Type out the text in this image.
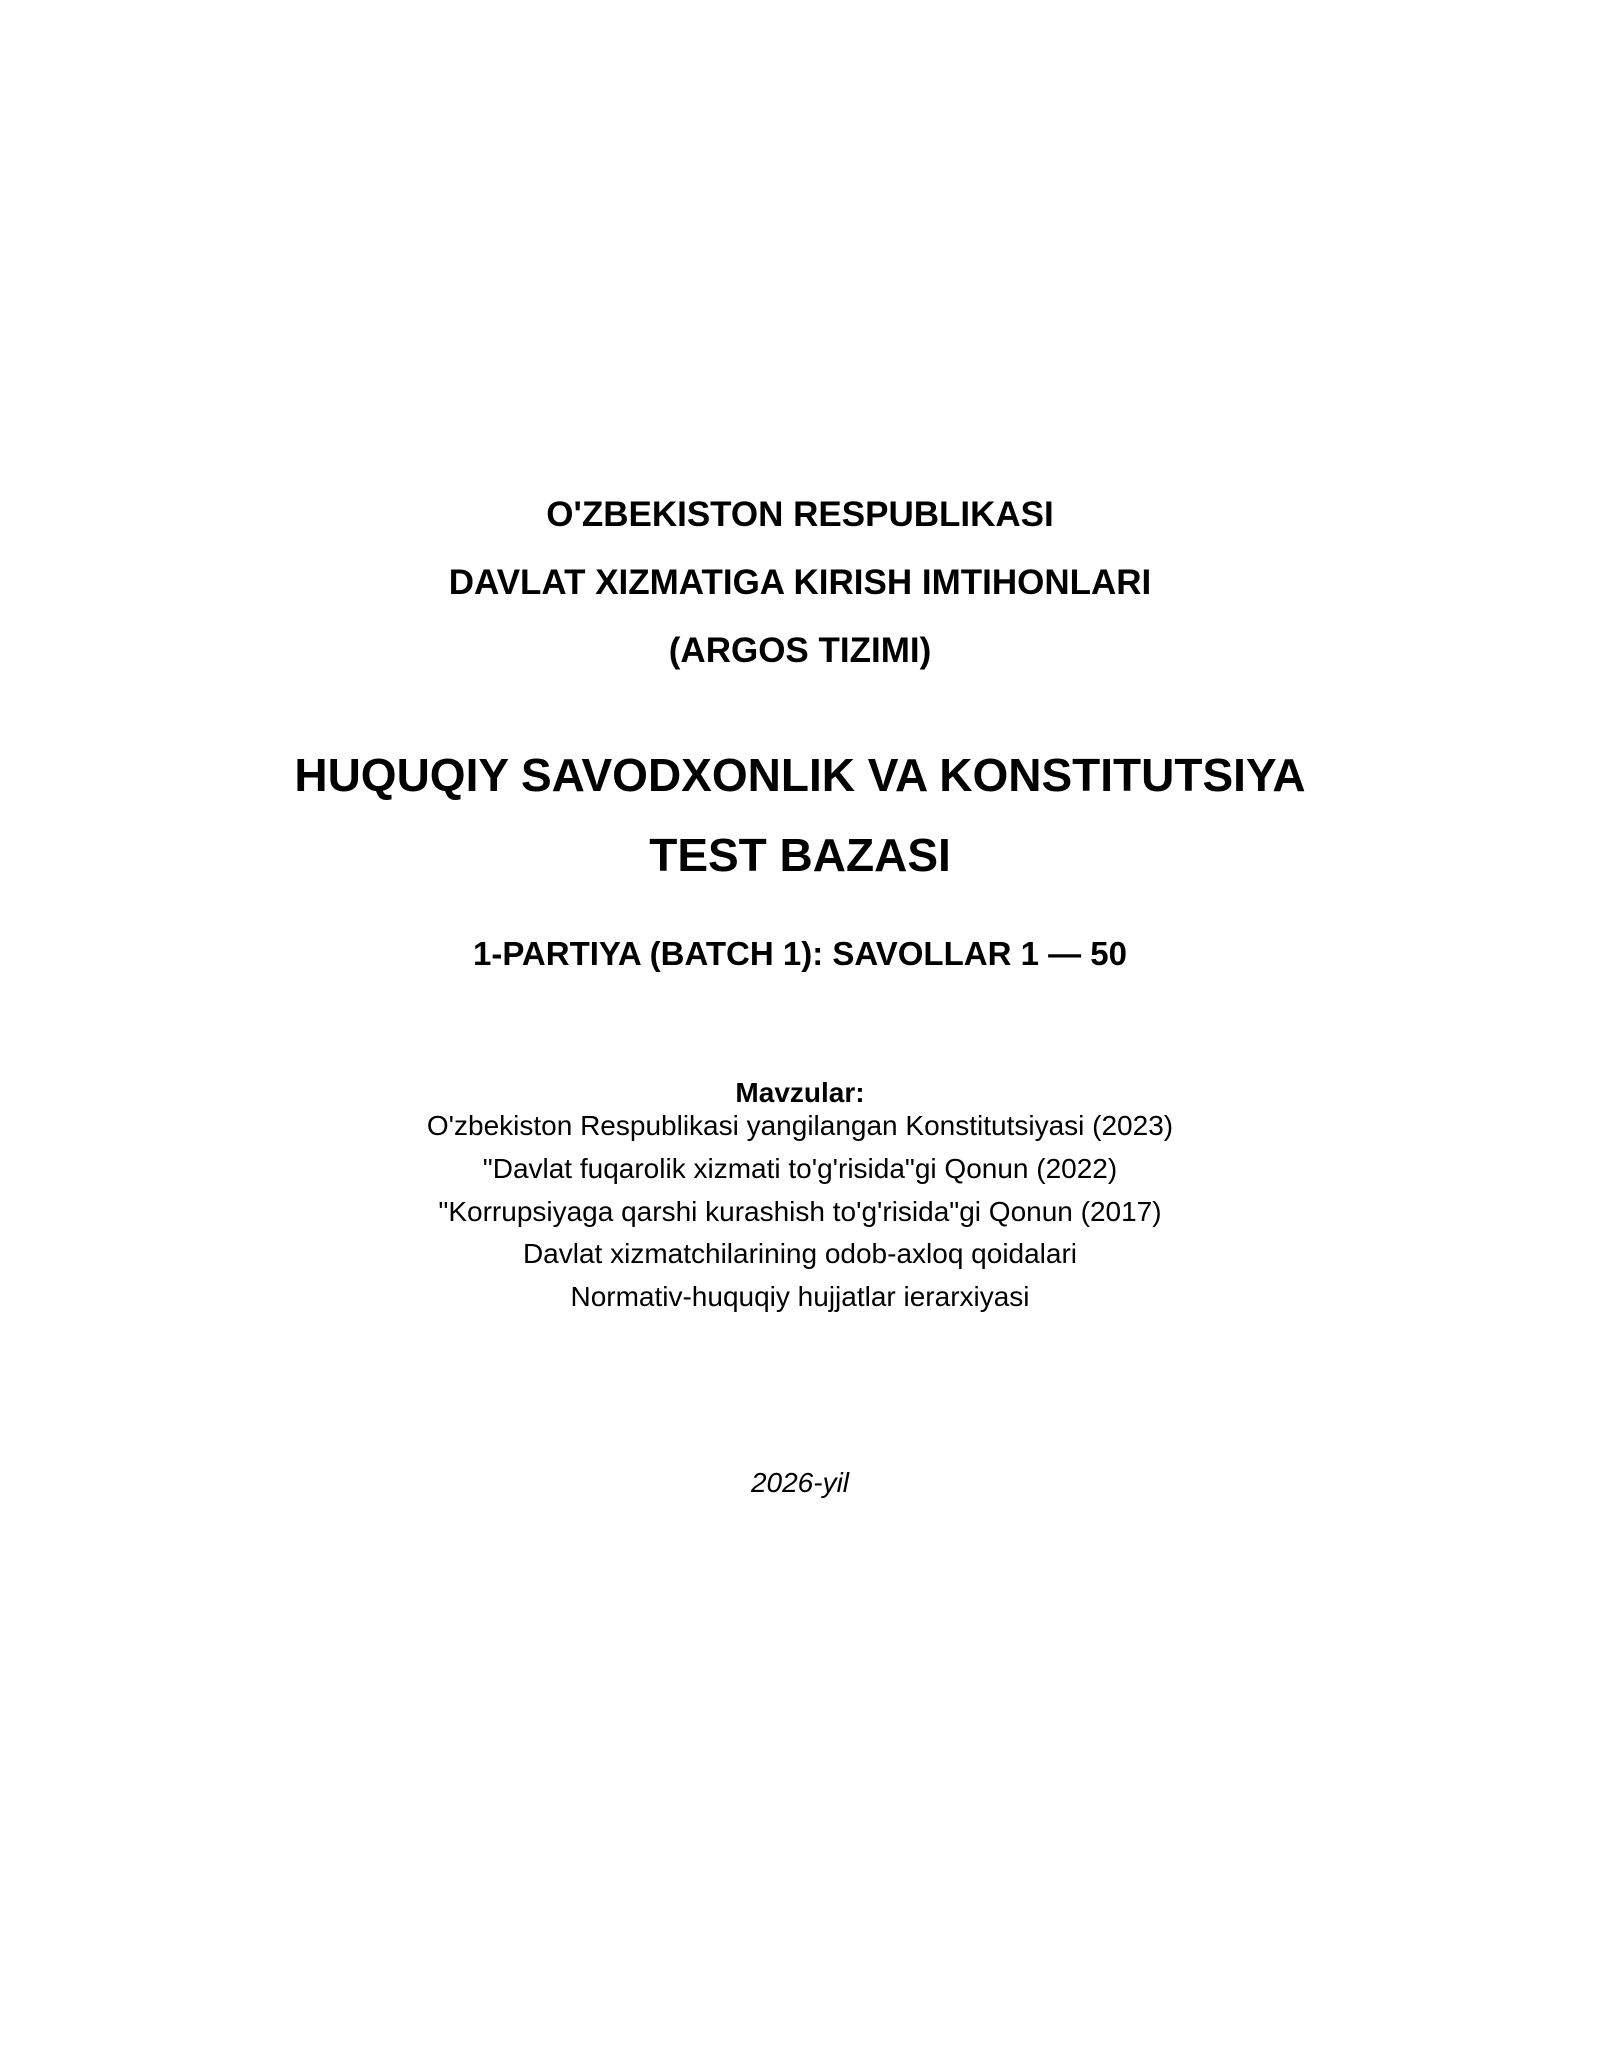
O'ZBEKISTON RESPUBLIKASI
DAVLAT XIZMATIGA KIRISH IMTIHONLARI
(ARGOS TIZIMI)
HUQUQIY SAVODXONLIK VA KONSTITUTSIYA
TEST BAZASI
1-PARTIYA (BATCH 1): SAVOLLAR 1 — 50
Mavzular:
O'zbekiston Respublikasi yangilangan Konstitutsiyasi (2023)
"Davlat fuqarolik xizmati to'g'risida"gi Qonun (2022)
"Korrupsiyaga qarshi kurashish to'g'risida"gi Qonun (2017)
Davlat xizmatchilarining odob-axloq qoidalari
Normativ-huquqiy hujjatlar ierarxiyasi
2026-yil
